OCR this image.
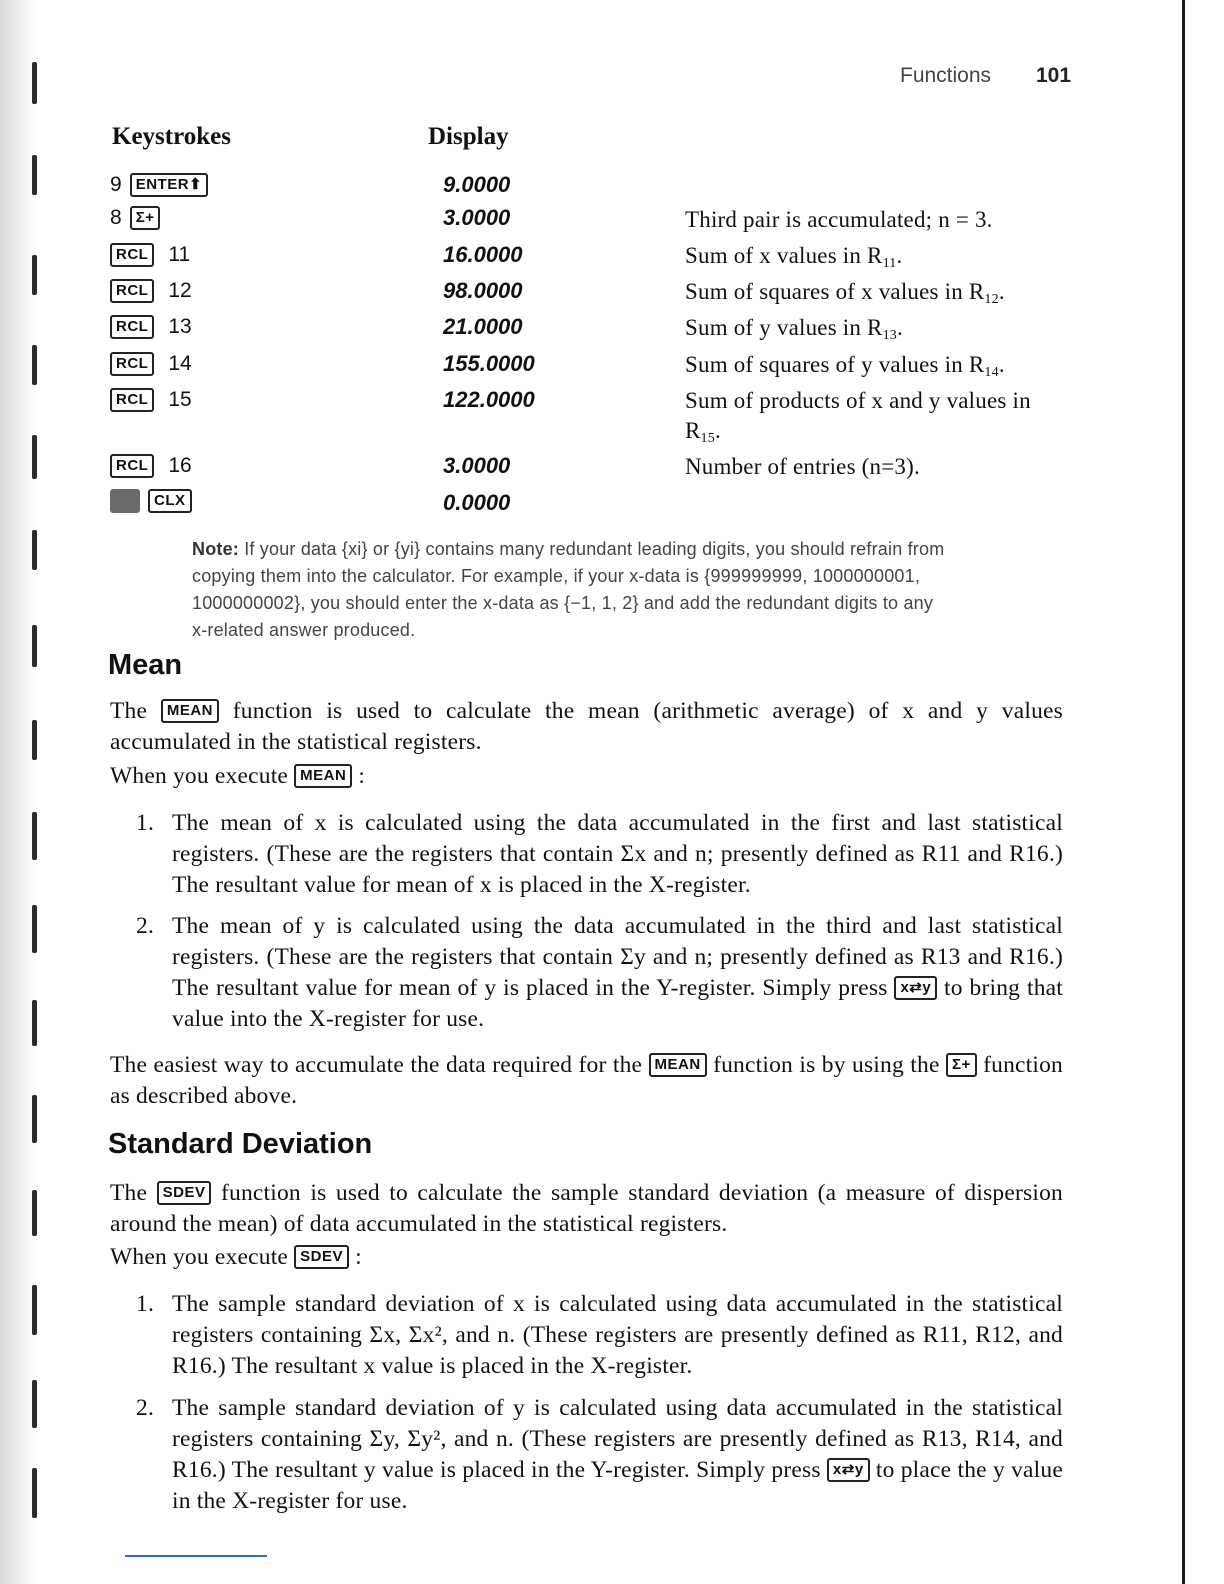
Functions 101
Keystrokes	Display
9 ENTER⬆	9.0000
8 Σ+	3.0000	Third pair is accumulated; n = 3.
RCL 11	16.0000	Sum of x values in $R_{11}$.
RCL 12	98.0000	Sum of squares of x values in $R_{12}$.
RCL 13	21.0000	Sum of y values in $R_{13}$.
RCL 14	155.0000	Sum of squares of y values in $R_{14}$.
RCL 15	122.0000	Sum of products of x and y values in $R_{15}$.
RCL 16	3.0000	Number of entries (n=3).
CLX	0.0000
Note: If your data {xi} or {yi} contains many redundant leading digits, you should refrain from copying them into the calculator. For example, if your x-data is {999999999, 1000000001, 1000000002}, you should enter the x-data as {−1, 1, 2} and add the redundant digits to any x-related answer produced.
Mean
The MEAN function is used to calculate the mean (arithmetic average) of x and y values accumulated in the statistical registers.
When you execute MEAN :
1. The mean of x is calculated using the data accumulated in the first and last statistical registers. (These are the registers that contain Σx and n; presently defined as R11 and R16.) The resultant value for mean of x is placed in the X-register.
2. The mean of y is calculated using the data accumulated in the third and last statistical registers. (These are the registers that contain Σy and n; presently defined as R13 and R16.) The resultant value for mean of y is placed in the Y-register. Simply press x⇄y to bring that value into the X-register for use.
The easiest way to accumulate the data required for the MEAN function is by using the Σ+ function as described above.
Standard Deviation
The SDEV function is used to calculate the sample standard deviation (a measure of dispersion around the mean) of data accumulated in the statistical registers.
When you execute SDEV :
1. The sample standard deviation of x is calculated using data accumulated in the statistical registers containing Σx, Σx², and n. (These registers are presently defined as R11, R12, and R16.) The resultant x value is placed in the X-register.
2. The sample standard deviation of y is calculated using data accumulated in the statistical registers containing Σy, Σy², and n. (These registers are presently defined as R13, R14, and R16.) The resultant y value is placed in the Y-register. Simply press x⇄y to place the y value in the X-register for use.
